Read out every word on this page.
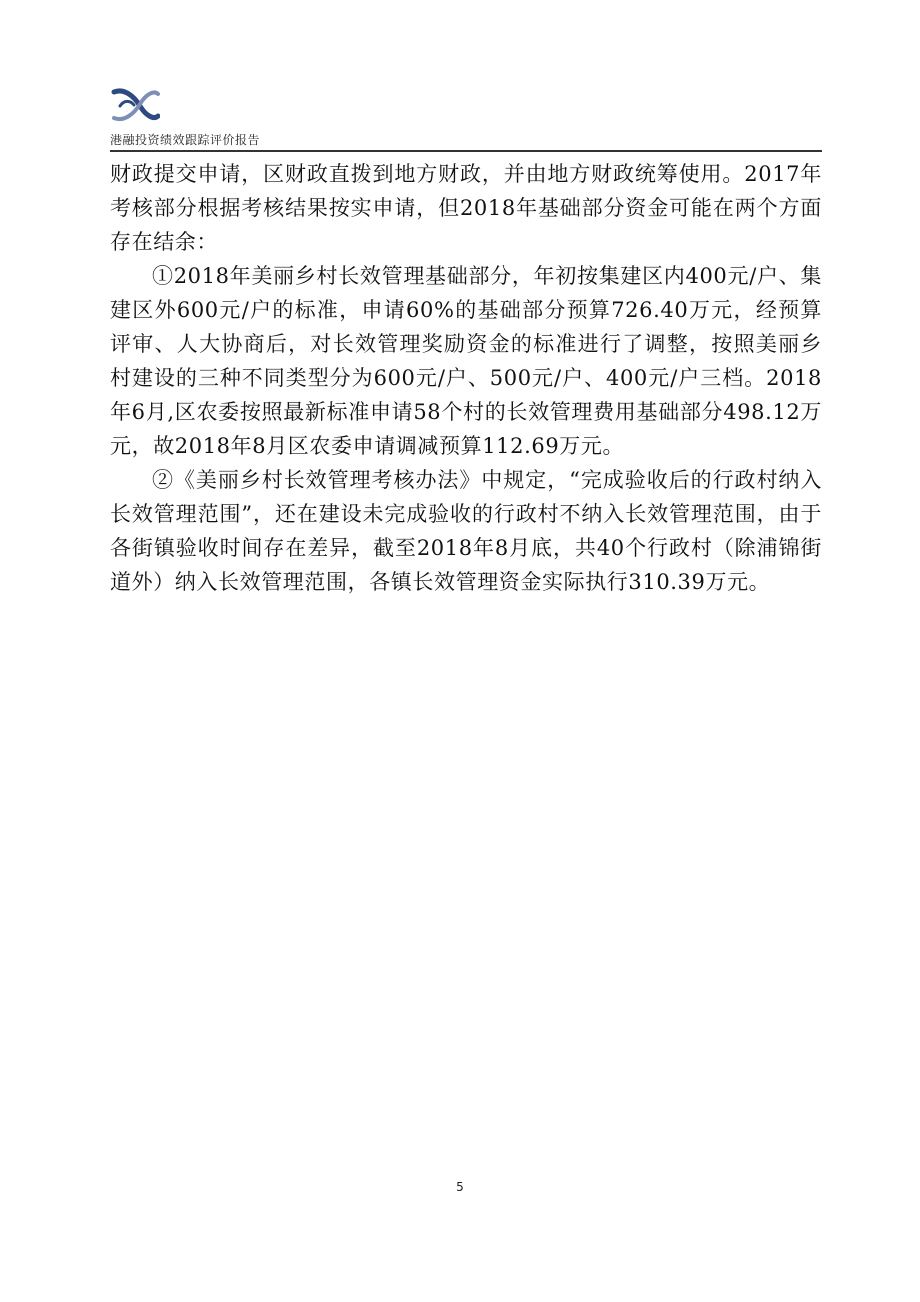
港融投资绩效跟踪评价报告

财政提交申请，区财政直拨到地方财政，并由地方财政统筹使用。2017年考核部分根据考核结果按实申请，但2018年基础部分资金可能在两个方面存在结余：

①2018年美丽乡村长效管理基础部分，年初按集建区内400元/户、集建区外600元/户的标准，申请60%的基础部分预算726.40万元，经预算评审、人大协商后，对长效管理奖励资金的标准进行了调整，按照美丽乡村建设的三种不同类型分为600元/户、500元/户、400元/户三档。2018年6月,区农委按照最新标准申请58个村的长效管理费用基础部分498.12万元，故2018年8月区农委申请调减预算112.69万元。

②《美丽乡村长效管理考核办法》中规定，“完成验收后的行政村纳入长效管理范围”，还在建设未完成验收的行政村不纳入长效管理范围，由于各街镇验收时间存在差异，截至2018年8月底，共40个行政村（除浦锦街道外）纳入长效管理范围，各镇长效管理资金实际执行310.39万元。

5
